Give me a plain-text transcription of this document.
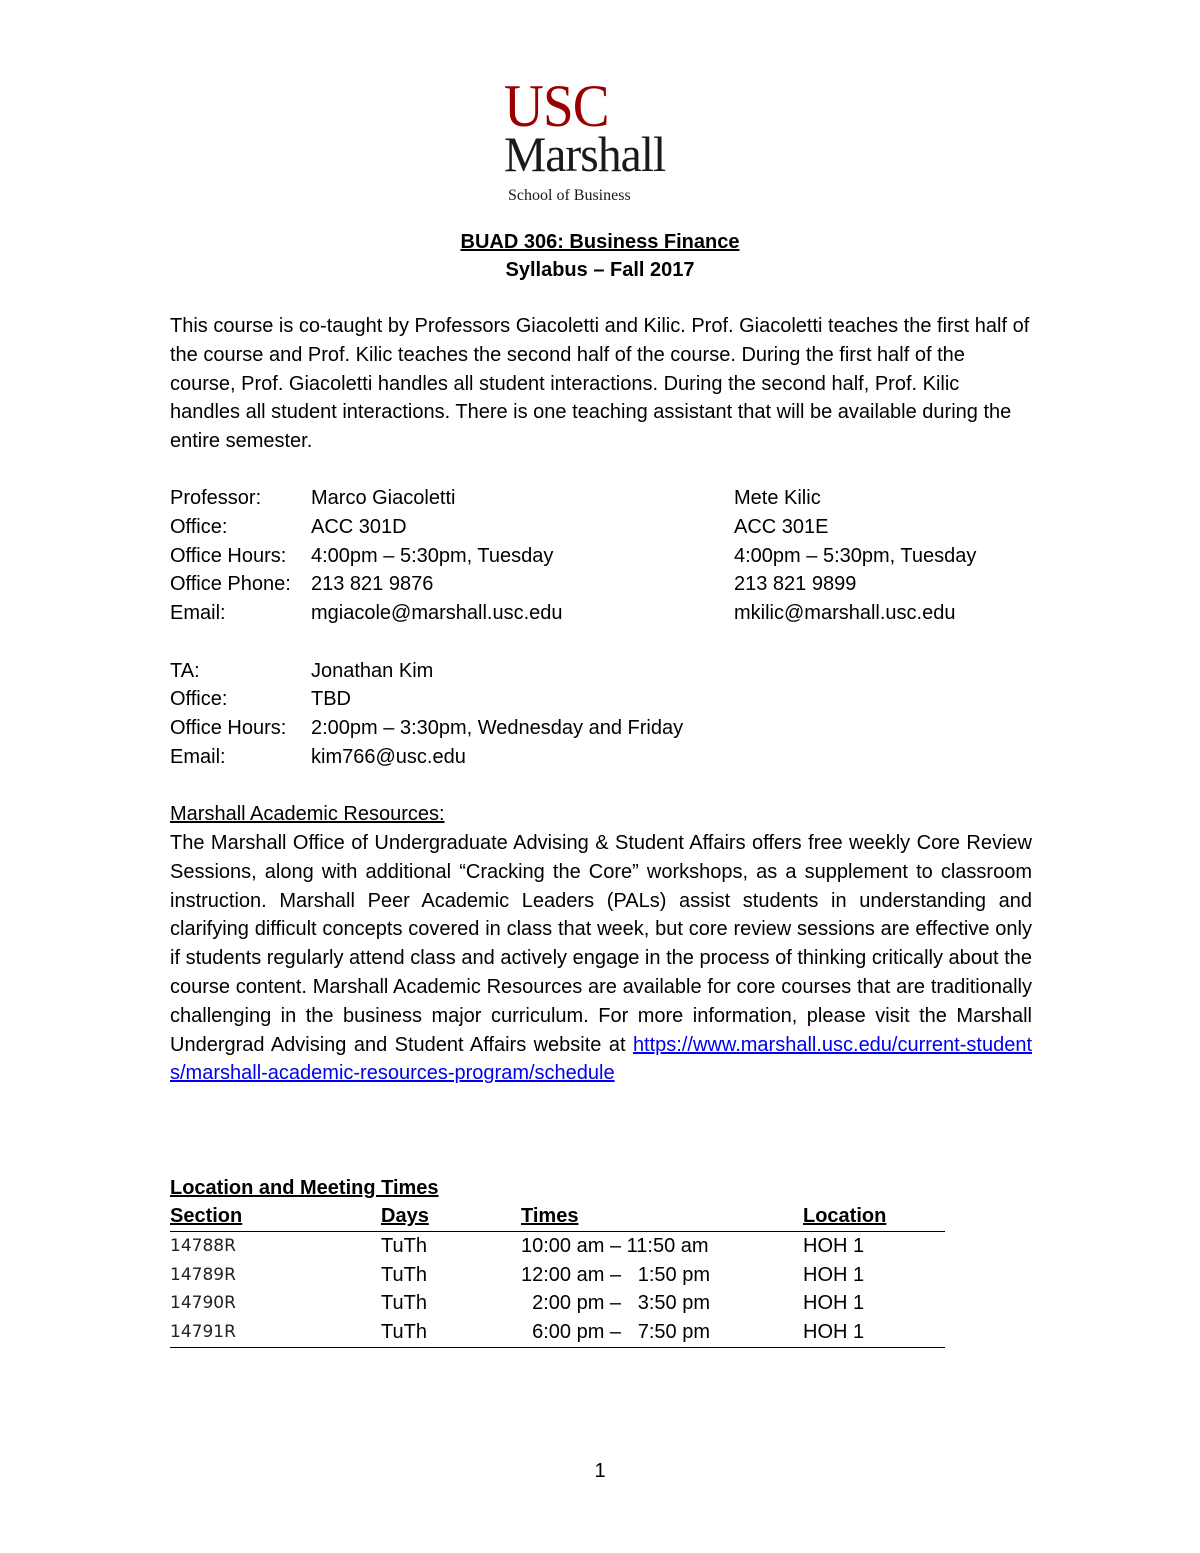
USC
Marshall
School of Business
BUAD 306: Business Finance
Syllabus – Fall 2017
This course is co-taught by Professors Giacoletti and Kilic. Prof. Giacoletti teaches the first half of the course and Prof. Kilic teaches the second half of the course. During the first half of the course, Prof. Giacoletti handles all student interactions. During the second half, Prof. Kilic handles all student interactions. There is one teaching assistant that will be available during the entire semester.
Professor: Marco Giacoletti	Mete Kilic
Office:	ACC 301D	ACC 301E
Office Hours: 4:00pm – 5:30pm, Tuesday	4:00pm – 5:30pm, Tuesday
Office Phone: 213 821 9876	213 821 9899
Email:	mgiacole@marshall.usc.edu	mkilic@marshall.usc.edu
TA:	Jonathan Kim
Office:	TBD
Office Hours: 2:00pm – 3:30pm, Wednesday and Friday
Email:	kim766@usc.edu
Marshall Academic Resources:
The Marshall Office of Undergraduate Advising & Student Affairs offers free weekly Core Review Sessions, along with additional “Cracking the Core” workshops, as a supplement to classroom instruction. Marshall Peer Academic Leaders (PALs) assist students in understanding and clarifying difficult concepts covered in class that week, but core review sessions are effective only if students regularly attend class and actively engage in the process of thinking critically about the course content. Marshall Academic Resources are available for core courses that are traditionally challenging in the business major curriculum. For more information, please visit the Marshall Undergrad Advising and Student Affairs website at https://www.marshall.usc.edu/current-students/marshall-academic-resources-program/schedule
Location and Meeting Times
Section	Days	Times	Location
14788R	TuTh	10:00 am – 11:50 am	HOH 1
14789R	TuTh	12:00 am –   1:50 pm	HOH 1
14790R	TuTh	2:00 pm –   3:50 pm	HOH 1
14791R	TuTh	6:00 pm –   7:50 pm	HOH 1
1
